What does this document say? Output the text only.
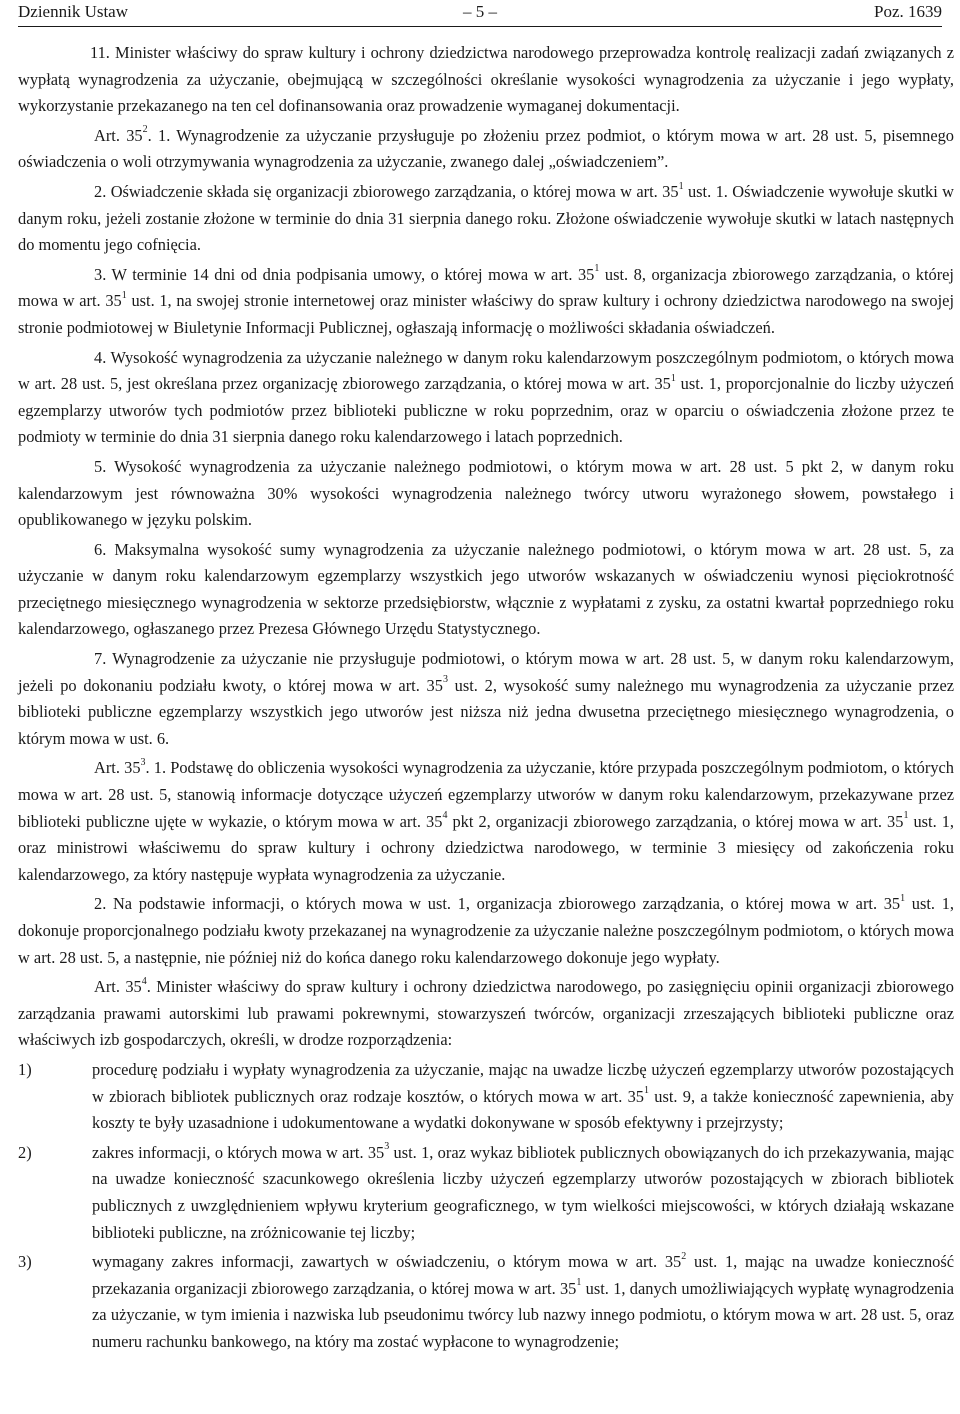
Dziennik Ustaw	– 5 –	Poz. 1639

11. Minister właściwy do spraw kultury i ochrony dziedzictwa narodowego przeprowadza kontrolę realizacji zadań związanych z wypłatą wynagrodzenia za użyczanie, obejmującą w szczególności określanie wysokości wynagrodzenia za użyczanie i jego wypłaty, wykorzystanie przekazanego na ten cel dofinansowania oraz prowadzenie wymaganej dokumentacji.

Art. $35^2$. 1. Wynagrodzenie za użyczanie przysługuje po złożeniu przez podmiot, o którym mowa w art. 28 ust. 5, pisemnego oświadczenia o woli otrzymywania wynagrodzenia za użyczanie, zwanego dalej „oświadczeniem”.

2. Oświadczenie składa się organizacji zbiorowego zarządzania, o której mowa w art. $35^1$ ust. 1. Oświadczenie wywołuje skutki w danym roku, jeżeli zostanie złożone w terminie do dnia 31 sierpnia danego roku. Złożone oświadczenie wywołuje skutki w latach następnych do momentu jego cofnięcia.

3. W terminie 14 dni od dnia podpisania umowy, o której mowa w art. $35^1$ ust. 8, organizacja zbiorowego zarządzania, o której mowa w art. $35^1$ ust. 1, na swojej stronie internetowej oraz minister właściwy do spraw kultury i ochrony dziedzictwa narodowego na swojej stronie podmiotowej w Biuletynie Informacji Publicznej, ogłaszają informację o możliwości składania oświadczeń.

4. Wysokość wynagrodzenia za użyczanie należnego w danym roku kalendarzowym poszczególnym podmiotom, o których mowa w art. 28 ust. 5, jest określana przez organizację zbiorowego zarządzania, o której mowa w art. $35^1$ ust. 1, proporcjonalnie do liczby użyczeń egzemplarzy utworów tych podmiotów przez biblioteki publiczne w roku poprzednim, oraz w oparciu o oświadczenia złożone przez te podmioty w terminie do dnia 31 sierpnia danego roku kalendarzowego i latach poprzednich.

5. Wysokość wynagrodzenia za użyczanie należnego podmiotowi, o którym mowa w art. 28 ust. 5 pkt 2, w danym roku kalendarzowym jest równoważna 30% wysokości wynagrodzenia należnego twórcy utworu wyrażonego słowem, powstałego i opublikowanego w języku polskim.

6. Maksymalna wysokość sumy wynagrodzenia za użyczanie należnego podmiotowi, o którym mowa w art. 28 ust. 5, za użyczanie w danym roku kalendarzowym egzemplarzy wszystkich jego utworów wskazanych w oświadczeniu wynosi pięciokrotność przeciętnego miesięcznego wynagrodzenia w sektorze przedsiębiorstw, włącznie z wypłatami z zysku, za ostatni kwartał poprzedniego roku kalendarzowego, ogłaszanego przez Prezesa Głównego Urzędu Statystycznego.

7. Wynagrodzenie za użyczanie nie przysługuje podmiotowi, o którym mowa w art. 28 ust. 5, w danym roku kalendarzowym, jeżeli po dokonaniu podziału kwoty, o której mowa w art. $35^3$ ust. 2, wysokość sumy należnego mu wynagrodzenia za użyczanie przez biblioteki publiczne egzemplarzy wszystkich jego utworów jest niższa niż jedna dwusetna przeciętnego miesięcznego wynagrodzenia, o którym mowa w ust. 6.

Art. $35^3$. 1. Podstawę do obliczenia wysokości wynagrodzenia za użyczanie, które przypada poszczególnym podmiotom, o których mowa w art. 28 ust. 5, stanowią informacje dotyczące użyczeń egzemplarzy utworów w danym roku kalendarzowym, przekazywane przez biblioteki publiczne ujęte w wykazie, o którym mowa w art. $35^4$ pkt 2, organizacji zbiorowego zarządzania, o której mowa w art. $35^1$ ust. 1, oraz ministrowi właściwemu do spraw kultury i ochrony dziedzictwa narodowego, w terminie 3 miesięcy od zakończenia roku kalendarzowego, za który następuje wypłata wynagrodzenia za użyczanie.

2. Na podstawie informacji, o których mowa w ust. 1, organizacja zbiorowego zarządzania, o której mowa w art. $35^1$ ust. 1, dokonuje proporcjonalnego podziału kwoty przekazanej na wynagrodzenie za użyczanie należne poszczególnym podmiotom, o których mowa w art. 28 ust. 5, a następnie, nie później niż do końca danego roku kalendarzowego dokonuje jego wypłaty.

Art. $35^4$. Minister właściwy do spraw kultury i ochrony dziedzictwa narodowego, po zasięgnięciu opinii organizacji zbiorowego zarządzania prawami autorskimi lub prawami pokrewnymi, stowarzyszeń twórców, organizacji zrzeszających biblioteki publiczne oraz właściwych izb gospodarczych, określi, w drodze rozporządzenia:

1)	procedurę podziału i wypłaty wynagrodzenia za użyczanie, mając na uwadze liczbę użyczeń egzemplarzy utworów pozostających w zbiorach bibliotek publicznych oraz rodzaje kosztów, o których mowa w art. $35^1$ ust. 9, a także konieczność zapewnienia, aby koszty te były uzasadnione i udokumentowane a wydatki dokonywane w sposób efektywny i przejrzysty;
2)	zakres informacji, o których mowa w art. $35^3$ ust. 1, oraz wykaz bibliotek publicznych obowiązanych do ich przekazywania, mając na uwadze konieczność szacunkowego określenia liczby użyczeń egzemplarzy utworów pozostających w zbiorach bibliotek publicznych z uwzględnieniem wpływu kryterium geograficznego, w tym wielkości miejscowości, w których działają wskazane biblioteki publiczne, na zróżnicowanie tej liczby;
3)	wymagany zakres informacji, zawartych w oświadczeniu, o którym mowa w art. $35^2$ ust. 1, mając na uwadze konieczność przekazania organizacji zbiorowego zarządzania, o której mowa w art. $35^1$ ust. 1, danych umożliwiających wypłatę wynagrodzenia za użyczanie, w tym imienia i nazwiska lub pseudonimu twórcy lub nazwy innego podmiotu, o którym mowa w art. 28 ust. 5, oraz numeru rachunku bankowego, na który ma zostać wypłacone to wynagrodzenie;
